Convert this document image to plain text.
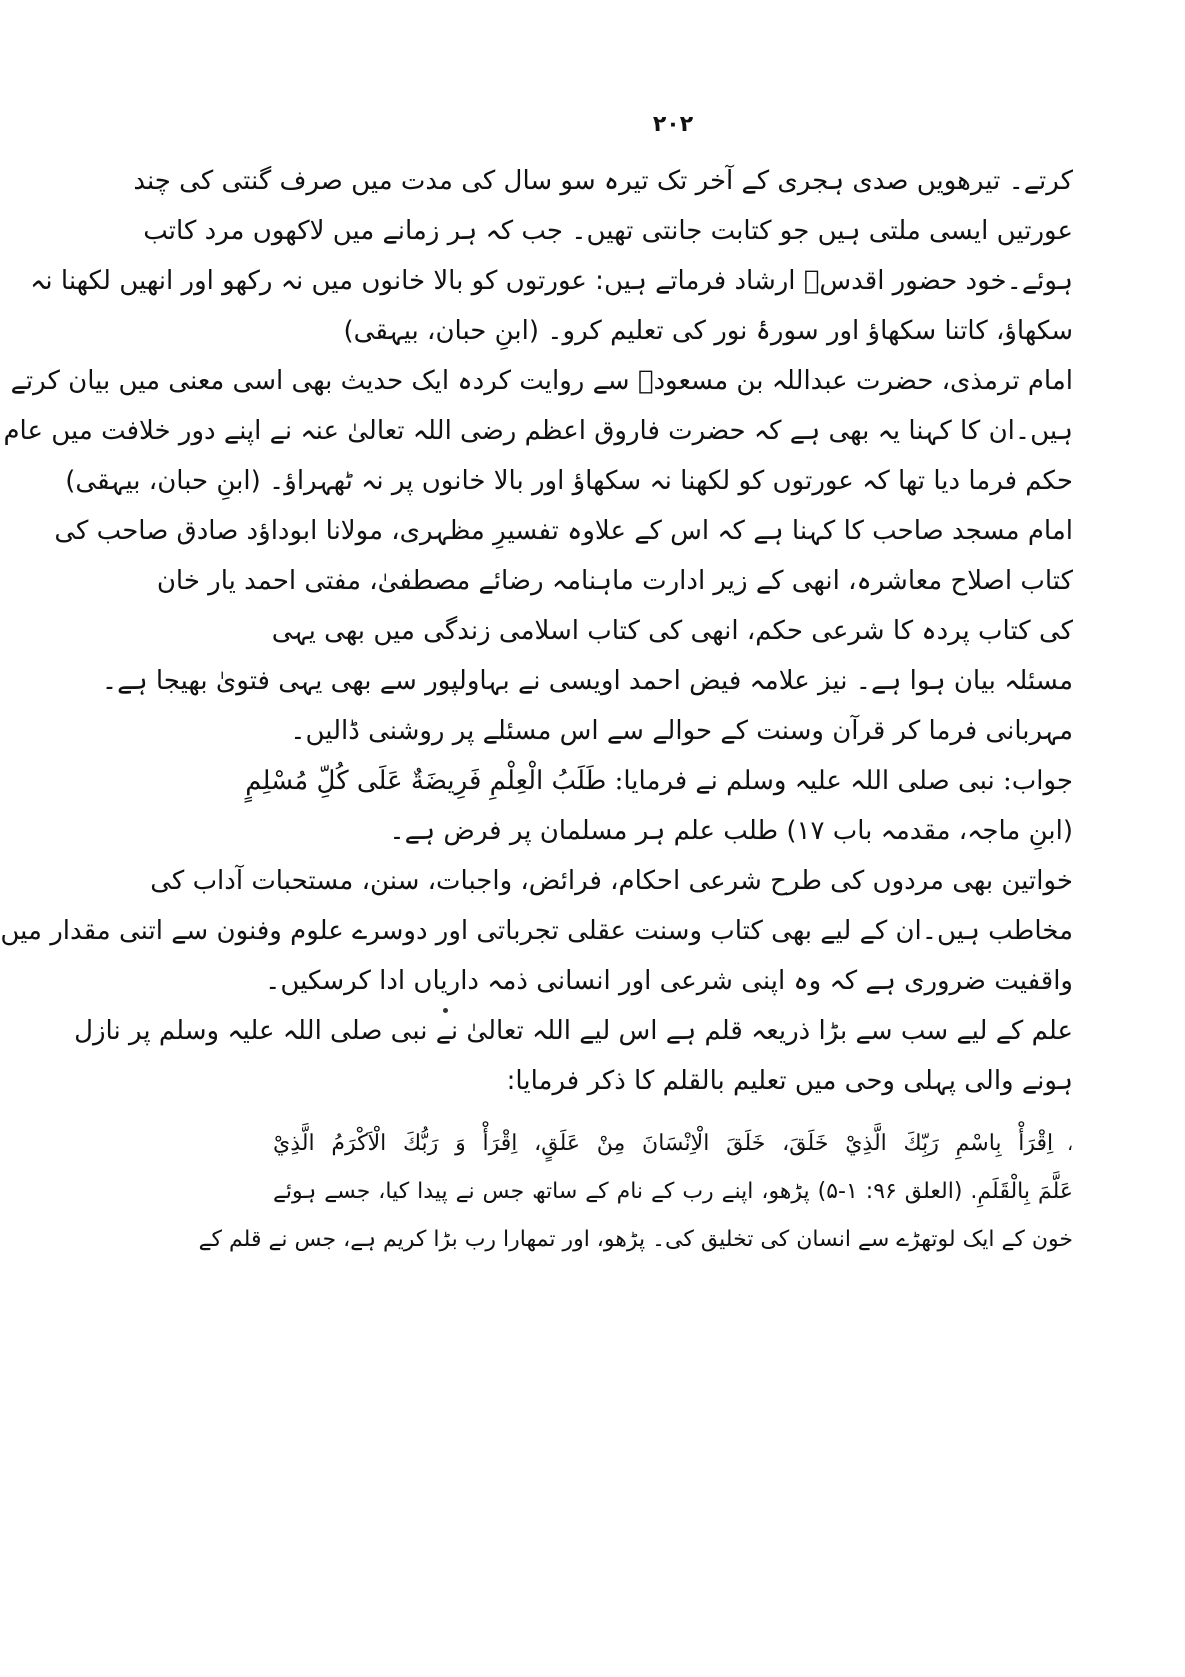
۲۰۲
کرتے۔ تیرھویں صدی ہجری کے آخر تک تیرہ سو سال کی مدت میں صرف گنتی کی چند
عورتیں ایسی ملتی ہیں جو کتابت جانتی تھیں۔ جب کہ ہر زمانے میں لاکھوں مرد کاتب
ہوئے۔خود حضور اقدسؐ ارشاد فرماتے ہیں: عورتوں کو بالا خانوں میں نہ رکھو اور انھیں لکھنا نہ
سکھاؤ، کاتنا سکھاؤ اور سورۂ نور کی تعلیم کرو۔ (ابنِ حبان، بیہقی)
امام ترمذی، حضرت عبداللہ بن مسعودؓ سے روایت کردہ ایک حدیث بھی اسی معنی میں بیان کرتے
ہیں۔ان کا کہنا یہ بھی ہے کہ حضرت فاروق اعظم رضی اللہ تعالیٰ عنہ نے اپنے دور خلافت میں عام
حکم فرما دیا تھا کہ عورتوں کو لکھنا نہ سکھاؤ اور بالا خانوں پر نہ ٹھہراؤ۔ (ابنِ حبان، بیہقی)
امام مسجد صاحب کا کہنا ہے کہ اس کے علاوہ تفسیرِ مظہری، مولانا ابوداؤد صادق صاحب کی
کتاب اصلاح معاشرہ، انھی کے زیر ادارت ماہنامہ رضائے مصطفیٰ، مفتی احمد یار خان
کی کتاب پردہ کا شرعی حکم، انھی کی کتاب اسلامی زندگی میں بھی یہی
مسئلہ بیان ہوا ہے۔ نیز علامہ فیض احمد اویسی نے بہاولپور سے بھی یہی فتویٰ بھیجا ہے۔
مہربانی فرما کر قرآن وسنت کے حوالے سے اس مسئلے پر روشنی ڈالیں۔
جواب: نبی صلی اللہ علیہ وسلم نے فرمایا: طَلَبُ الْعِلْمِ فَرِيضَةٌ عَلَى كُلِّ مُسْلِمٍ
(ابنِ ماجہ، مقدمہ باب ۱۷) طلب علم ہر مسلمان پر فرض ہے۔
خواتین بھی مردوں کی طرح شرعی احکام، فرائض، واجبات، سنن، مستحبات آداب کی
مخاطب ہیں۔ان کے لیے بھی کتاب وسنت عقلی تجرباتی اور دوسرے علوم وفنون سے اتنی مقدار میں
واقفیت ضروری ہے کہ وہ اپنی شرعی اور انسانی ذمہ داریاں ادا کرسکیں۔
علم کے لیے سب سے بڑا ذریعہ قلم ہے اس لیے اللہ تعالیٰ نے نبی صلی اللہ علیہ وسلم پر نازل
ہونے والی پہلی وحی میں تعلیم بالقلم کا ذکر فرمایا:
،اِقْرَأْ بِاسْمِ رَبِّكَ الَّذِيْ خَلَقَ، خَلَقَ الْاِنْسَانَ مِنْ عَلَقٍ، اِقْرَأْ وَ رَبُّكَ الْاَكْرَمُ الَّذِيْ
عَلَّمَ بِالْقَلَمِ. (العلق ۹۶: ۱-۵) پڑھو، اپنے رب کے نام کے ساتھ جس نے پیدا کیا، جسے ہوئے
خون کے ایک لوتھڑے سے انسان کی تخلیق کی۔ پڑھو، اور تمھارا رب بڑا کریم ہے، جس نے قلم کے
